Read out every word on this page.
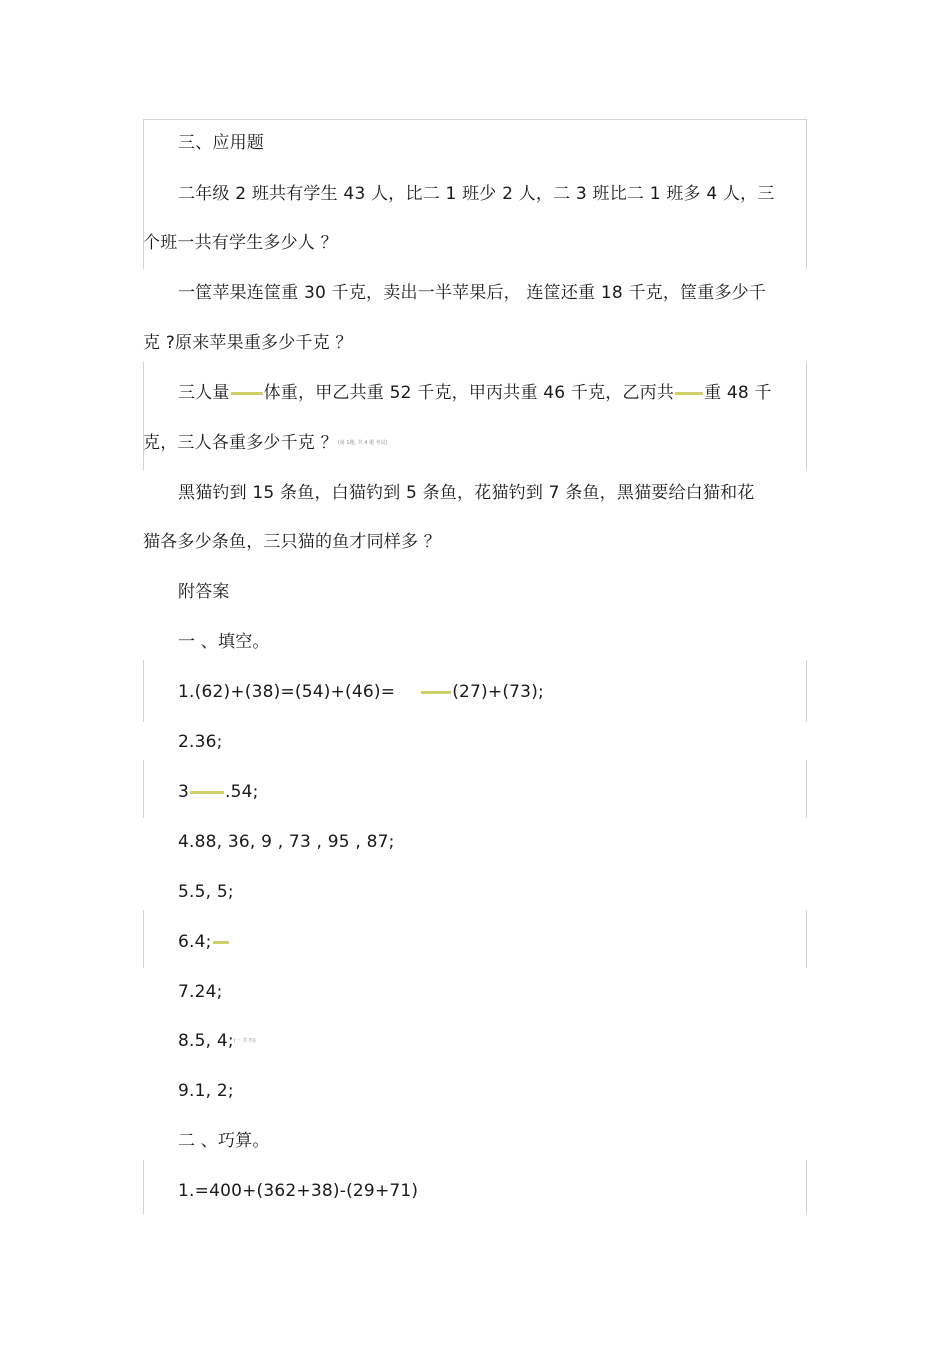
三、应用题
二年级 2 班共有学生 43 人，比二 1 班少 2 人，二 3 班比二 1 班多 4 人，三
个班一共有学生多少人 ？
一筐苹果连筐重 30 千克，卖出一半苹果后， 连筐还重 18 千克，筐重多少千
克 ?原来苹果重多少千克 ？
三人量 体重，甲乙共重 52 千克，甲丙共重 46 千克，乙丙共 重 48 千
克，三人各重多少千克 ？(第 1题, 共 4 题 考试)
黑猫钓到 15 条鱼，白猫钓到 5 条鱼，花猫钓到 7 条鱼，黑猫要给白猫和花
猫各多少条鱼，三只猫的鱼才同样多 ？
附答案
一 、填空。
1.(62)+(38)=(54)+(46)=	(27)+(73);
2.36;
3 .54;
4.88, 36, 9 , 73 , 95 , 87;
5.5, 5;
6.4;
7.24;
8.5, 4;(一 共 四)
9.1, 2;
二 、巧算。
1.=400+(362+38)-(29+71)
